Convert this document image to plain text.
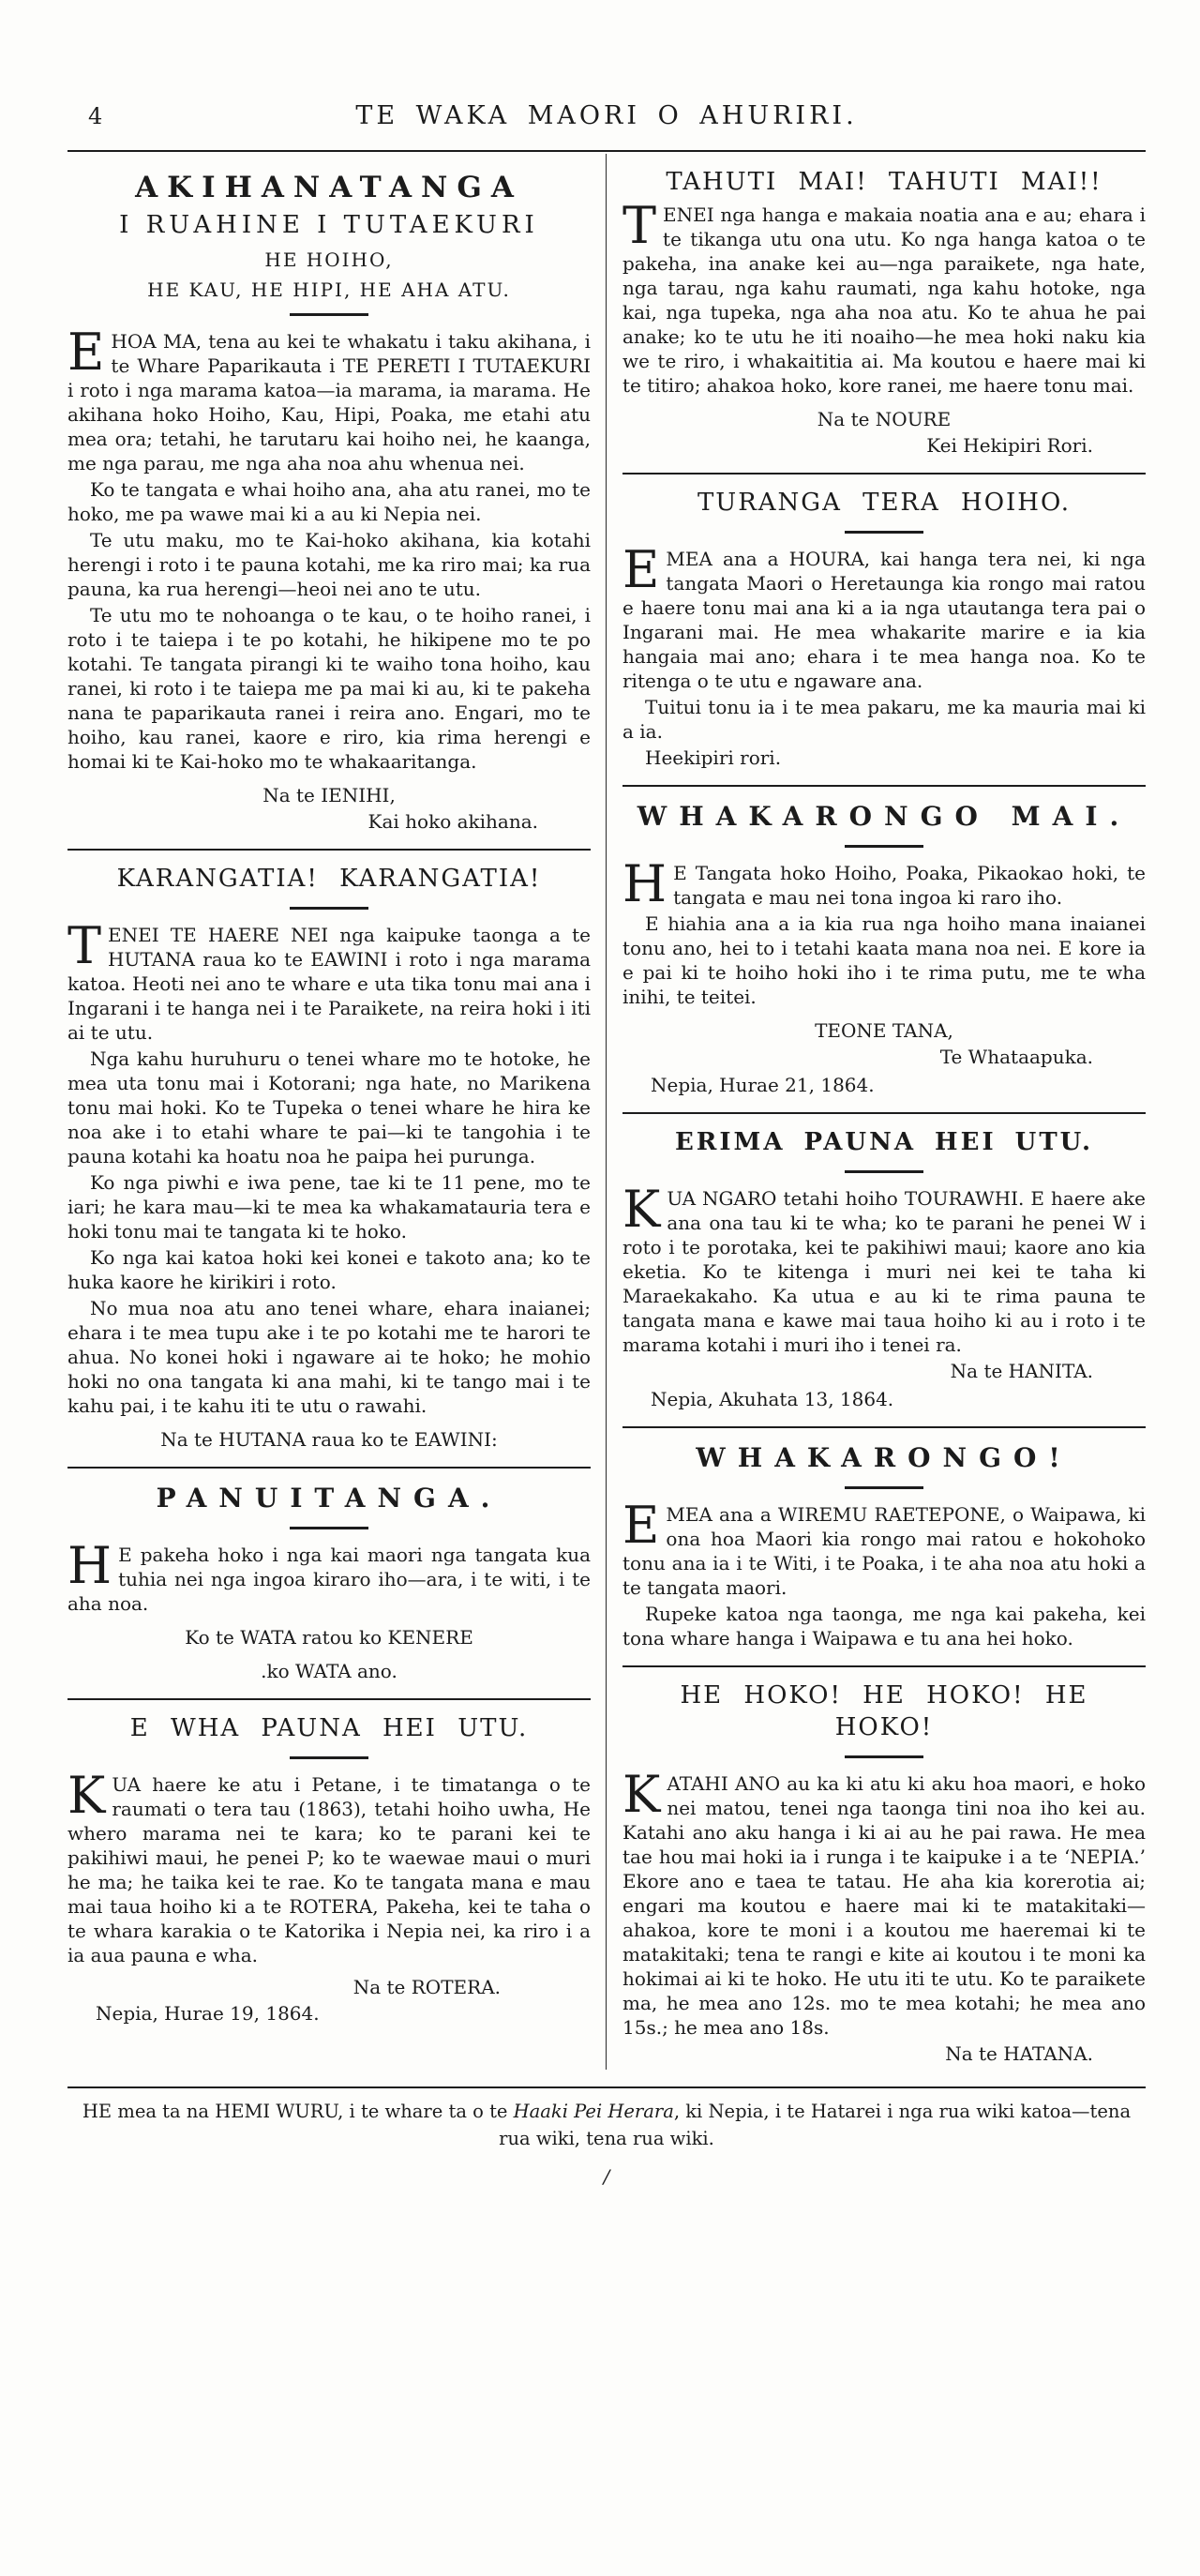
4	TE WAKA MAORI O AHURIRI.
AKIHANATANGA
I RUAHINE I TUTAEKURI
HE HOIHO,
HE KAU, HE HIPI, HE AHA ATU.

EHOA MA, tena au kei te whakatu i taku akihana, i te Whare Paparikauta i TE PERETI I TUTAEKURI i roto i nga marama katoa—ia marama, ia marama. He akihana hoko Hoiho, Kau, Hipi, Poaka, me etahi atu mea ora; tetahi, he tarutaru kai hoiho nei, he kaanga, me nga parau, me nga aha noa ahu whenua nei.

Ko te tangata e whai hoiho ana, aha atu ranei, mo te hoko, me pa wawe mai ki a au ki Nepia nei.

Te utu maku, mo te Kai-hoko akihana, kia kotahi herengi i roto i te pauna kotahi, me ka riro mai; ka rua pauna, ka rua herengi—heoi nei ano te utu.

Te utu mo te nohoanga o te kau, o te hoiho ranei, i roto i te taiepa i te po kotahi, he hikipene mo te po kotahi. Te tangata pirangi ki te waiho tona hoiho, kau ranei, ki roto i te taiepa me pa mai ki au, ki te pakeha nana te paparikauta ranei i reira ano. Engari, mo te hoiho, kau ranei, kaore e riro, kia rima herengi e homai ki te Kai-hoko mo te whakaaritanga.

Na te IENIHI,

Kai hoko akihana.

KARANGATIA! KARANGATIA!

TENEI TE HAERE NEI nga kaipuke taonga a te HUTANA raua ko te EAWINI i roto i nga marama katoa. Heoti nei ano te whare e uta tika tonu mai ana i Ingarani i te hanga nei i te Paraikete, na reira hoki i iti ai te utu.

Nga kahu huruhuru o tenei whare mo te hotoke, he mea uta tonu mai i Kotorani; nga hate, no Marikena tonu mai hoki. Ko te Tupeka o tenei whare he hira ke noa ake i to etahi whare te pai—ki te tangohia i te pauna kotahi ka hoatu noa he paipa hei purunga.

Ko nga piwhi e iwa pene, tae ki te 11 pene, mo te iari; he kara mau—ki te mea ka whakamatauria tera e hoki tonu mai te tangata ki te hoko.

Ko nga kai katoa hoki kei konei e takoto ana; ko te huka kaore he kirikiri i roto.

No mua noa atu ano tenei whare, ehara inaianei; ehara i te mea tupu ake i te po kotahi me te harori te ahua. No konei hoki i ngaware ai te hoko; he mohio hoki no ona tangata ki ana mahi, ki te tango mai i te kahu pai, i te kahu iti te utu o rawahi.

Na te HUTANA raua ko te EAWINI:

PANUITANGA.

H E pakeha hoko i nga kai maori nga tangata kua tuhia nei nga ingoa kiraro iho—ara, i te witi, i te aha noa.

Ko te WATA ratou ko KENERE

.ko WATA ano.

E WHA PAUNA HEI UTU.

KUA haere ke atu i Petane, i te timatanga o te raumati o tera tau (1863), tetahi hoiho uwha, He whero marama nei te kara; ko te parani kei te pakihiwi maui, he penei P; ko te waewae maui o muri he ma; he taika kei te rae. Ko te tangata mana e mau mai taua hoiho ki a te ROTERA, Pakeha, kei te taha o te whara karakia o te Katorika i Nepia nei, ka riro i a ia aua pauna e wha.

Na te ROTERA.

Nepia, Hurae 19, 1864.

TAHUTI MAI! TAHUTI MAI!!

TENEI nga hanga e makaia noatia ana e au; ehara i te tikanga utu ona utu. Ko nga hanga katoa o te pakeha, ina anake kei au—nga paraikete, nga hate, nga tarau, nga kahu raumati, nga kahu hotoke, nga kai, nga tupeka, nga aha noa atu. Ko te ahua he pai anake; ko te utu he iti noaiho—he mea hoki naku kia we te riro, i whakaititia ai. Ma koutou e haere mai ki te titiro; ahakoa hoko, kore ranei, me haere tonu mai.

Na te NOURE

Kei Hekipiri Rori.

TURANGA TERA HOIHO.

EMEA ana a HOURA, kai hanga tera nei, ki nga tangata Maori o Heretaunga kia rongo mai ratou e haere tonu mai ana ki a ia nga utautanga tera pai o Ingarani mai. He mea whakarite marire e ia kia hangaia mai ano; ehara i te mea hanga noa. Ko te ritenga o te utu e ngaware ana.

Tuitui tonu ia i te mea pakaru, me ka mauria mai ki a ia.

Heekipiri rori.

WHAKARONGO MAI.

H E Tangata hoko Hoiho, Poaka, Pikaokao hoki, te tangata e mau nei tona ingoa ki raro iho.

E hiahia ana a ia kia rua nga hoiho mana inaianei tonu ano, hei to i tetahi kaata mana noa nei. E kore ia e pai ki te hoiho hoki iho i te rima putu, me te wha inihi, te teitei.

TEONE TANA,

Te Whataapuka.

Nepia, Hurae 21, 1864.

ERIMA PAUNA HEI UTU.

KUA NGARO tetahi hoiho TOURAWHI. E haere ake ana ona tau ki te wha; ko te parani he penei W i roto i te porotaka, kei te pakihiwi maui; kaore ano kia eketia. Ko te kitenga i muri nei kei te taha ki Maraekakaho. Ka utua e au ki te rima pauna te tangata mana e kawe mai taua hoiho ki au i roto i te marama kotahi i muri iho i tenei ra.

Na te HANITA.

Nepia, Akuhata 13, 1864.

WHAKARONGO!

EMEA ana a WIREMU RAETEPONE, o Waipawa, ki ona hoa Maori kia rongo mai ratou e hokohoko tonu ana ia i te Witi, i te Poaka, i te aha noa atu hoki a te tangata maori.

Rupeke katoa nga taonga, me nga kai pakeha, kei tona whare hanga i Waipawa e tu ana hei hoko.

HE HOKO! HE HOKO! HE HOKO!

KATAHI ANO au ka ki atu ki aku hoa maori, e hoko nei matou, tenei nga taonga tini noa iho kei au. Katahi ano aku hanga i ki ai au he pai rawa. He mea tae hou mai hoki ia i runga i te kaipuke i a te ‘NEPIA.’ Ekore ano e taea te tatau. He aha kia korerotia ai; engari ma koutou e haere mai ki te matakitaki—ahakoa, kore te moni i a koutou me haeremai ki te matakitaki; tena te rangi e kite ai koutou i te moni ka hokimai ai ki te hoko. He utu iti te utu. Ko te paraikete ma, he mea ano 12s. mo te mea kotahi; he mea ano 15s.; he mea ano 18s.

Na te HATANA.

HE mea ta na HEMI WURU, i te whare ta o te Haaki Pei Herara, ki Nepia, i te Hatarei i nga rua wiki katoa—tena rua wiki, tena rua wiki.
/
